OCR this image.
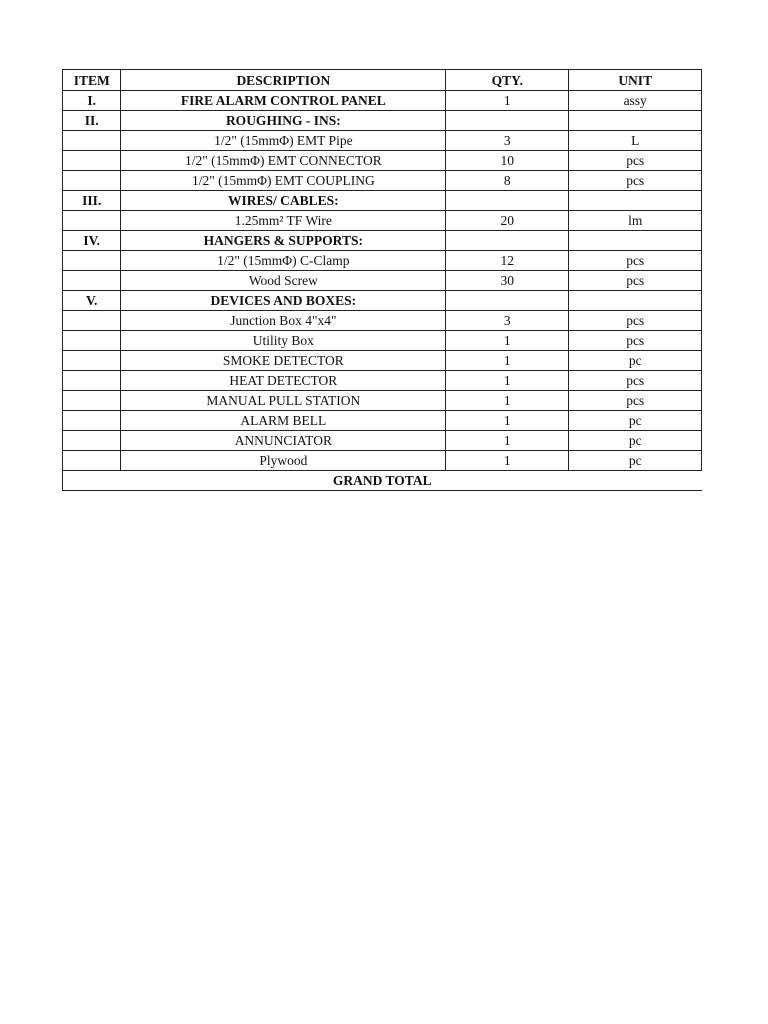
ITEM	DESCRIPTION	QTY.	UNIT
I.	FIRE ALARM CONTROL PANEL	1	assy
II.	ROUGHING - INS:		
	1/2" (15mmΦ) EMT Pipe	3	L
	1/2" (15mmΦ) EMT CONNECTOR	10	pcs
	1/2" (15mmΦ) EMT COUPLING	8	pcs
III.	WIRES/ CABLES:		
	1.25mm² TF Wire	20	lm
IV.	HANGERS & SUPPORTS:		
	1/2" (15mmΦ) C-Clamp	12	pcs
	Wood Screw	30	pcs
V.	DEVICES AND BOXES:		
	Junction Box 4"x4"	3	pcs
	Utility Box	1	pcs
	SMOKE DETECTOR	1	pc
	HEAT DETECTOR	1	pcs
	MANUAL PULL STATION	1	pcs
	ALARM BELL	1	pc
	ANNUNCIATOR	1	pc
	Plywood	1	pc
GRAND TOTAL			
